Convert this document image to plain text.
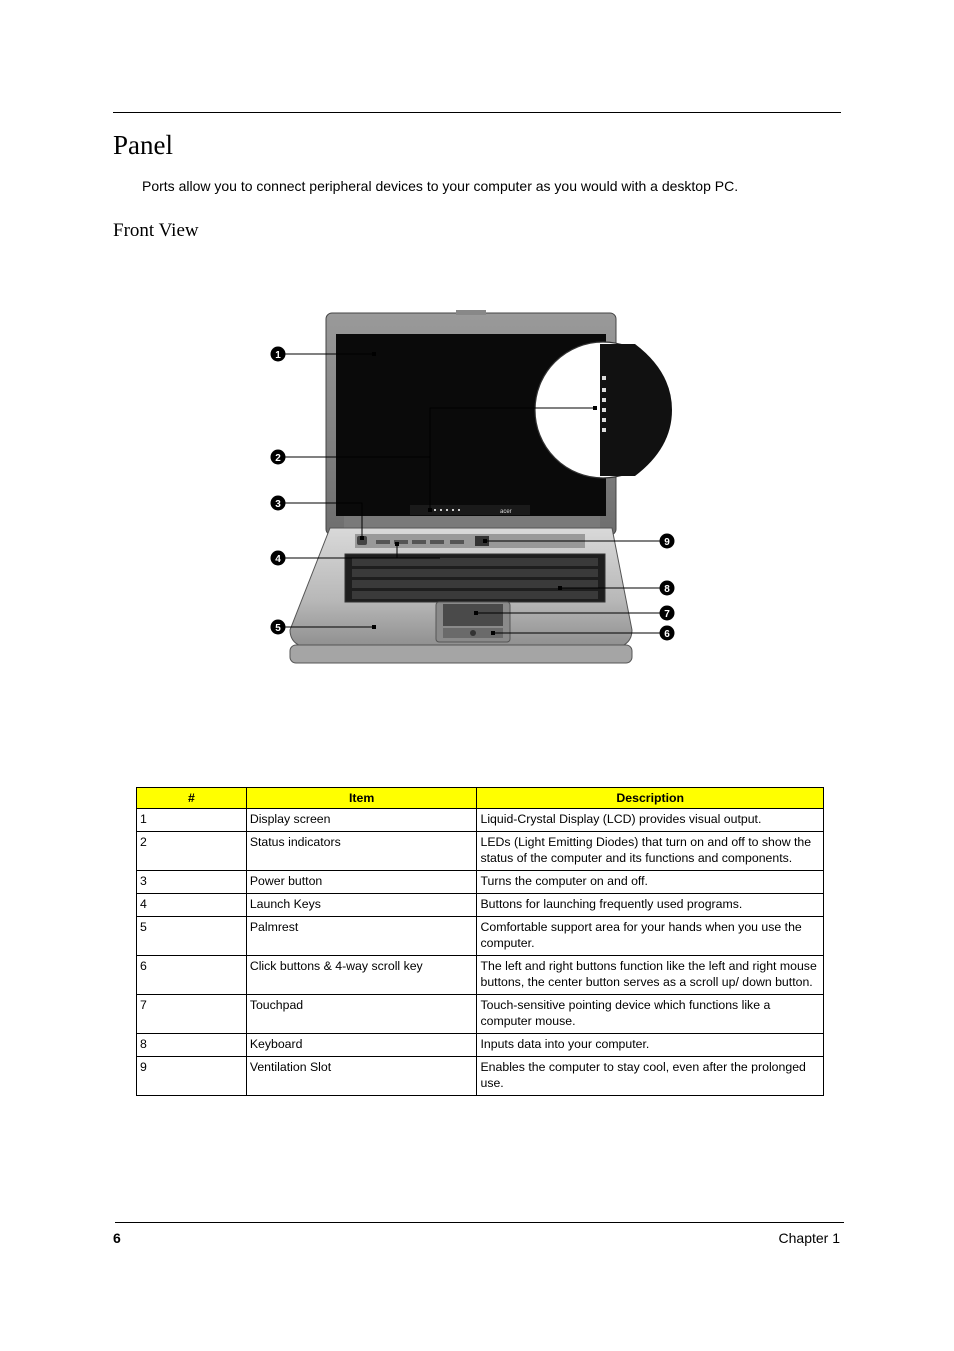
Panel

Ports allow you to connect peripheral devices to your computer as you would with a desktop PC.

Front View
acer
1
2
3
4
5
6
7
8
9
#	Item	Description
1	Display screen	Liquid-Crystal Display (LCD) provides visual output.
2	Status indicators	LEDs (Light Emitting Diodes) that turn on and off to show the status of the computer and its functions and components.
3	Power button	Turns the computer on and off.
4	Launch Keys	Buttons for launching frequently used programs.
5	Palmrest	Comfortable support area for your hands when you use the computer.
6	Click buttons & 4-way scroll key	The left and right buttons function like the left and right mouse buttons, the center button serves as a scroll up/ down button.
7	Touchpad	Touch-sensitive pointing device which functions like a computer mouse.
8	Keyboard	Inputs data into your computer.
9	Ventilation Slot	Enables the computer to stay cool, even after the prolonged use.
6	Chapter 1
